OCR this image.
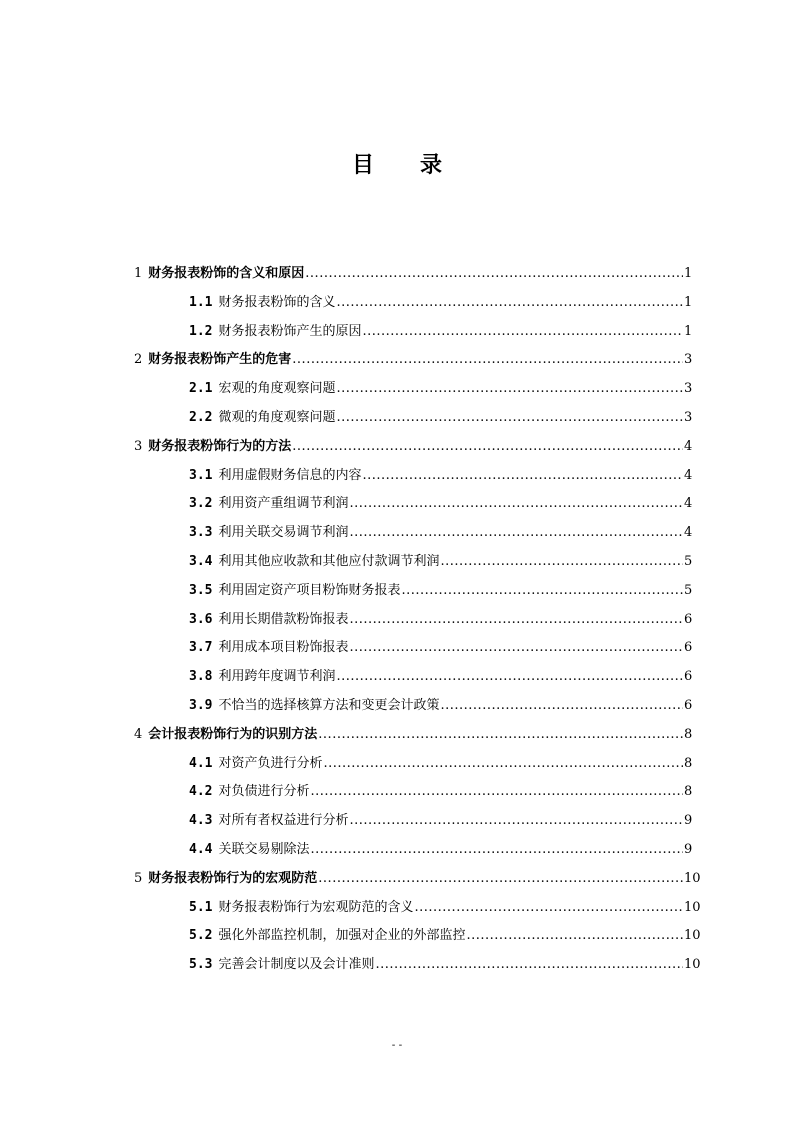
目 录
1 财务报表粉饰的含义和原因 .....	1
1.1 财务报表粉饰的含义 .....	1
1.2 财务报表粉饰产生的原因 .....	1
2 财务报表粉饰产生的危害 .....	3
2.1 宏观的角度观察问题 .....	3
2.2 微观的角度观察问题 .....	3
3 财务报表粉饰行为的方法 .....	4
3.1 利用虚假财务信息的内容 .....	4
3.2 利用资产重组调节利润 .....	4
3.3 利用关联交易调节利润 .....	4
3.4 利用其他应收款和其他应付款调节利润 .....	5
3.5 利用固定资产项目粉饰财务报表 .....	5
3.6 利用长期借款粉饰报表 .....	6
3.7 利用成本项目粉饰报表 .....	6
3.8 利用跨年度调节利润 .....	6
3.9 不恰当的选择核算方法和变更会计政策 .....	6
4 会计报表粉饰行为的识别方法 .....	8
4.1 对资产负进行分析 .....	8
4.2 对负债进行分析 .....	8
4.3 对所有者权益进行分析 .....	9
4.4 关联交易剔除法 .....	9
5 财务报表粉饰行为的宏观防范 .....	10
5.1 财务报表粉饰行为宏观防范的含义 .....	10
5.2 强化外部监控机制，加强对企业的外部监控 .....	10
5.3 完善会计制度以及会计准则 .....	10
- -
